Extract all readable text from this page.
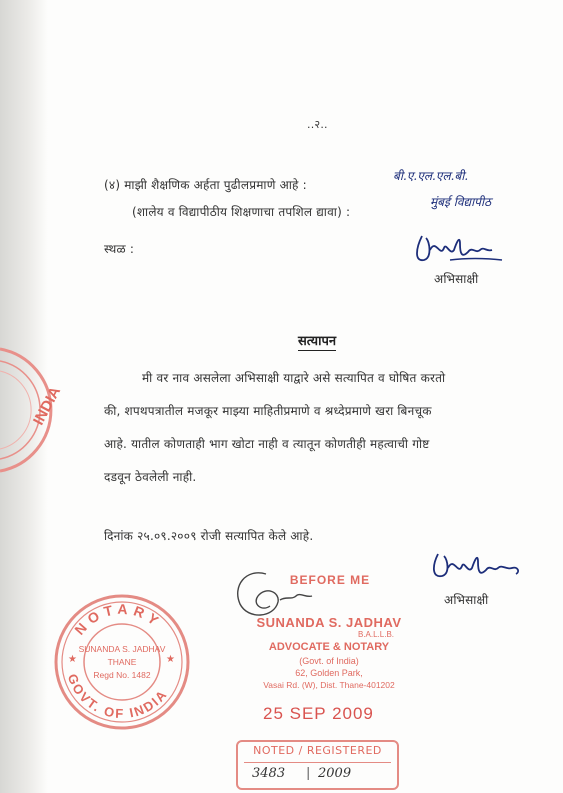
..२..
(४) माझी शैक्षणिक अर्हता पुढीलप्रमाणे आहे :
बी.ए.एल.एल.बी.
(शालेय व विद्यापीठीय शिक्षणाचा तपशिल द्यावा) :
मुंबई विद्यापीठ
स्थळ :
अभिसाक्षी
सत्यापन
मी वर नाव असलेला अभिसाक्षी याद्वारे असे सत्यापित व घोषित करतो
की, शपथपत्रातील मजकूर माझ्या माहितीप्रमाणे व श्रध्देप्रमाणे खरा बिनचूक
आहे. यातील कोणताही भाग खोटा नाही व त्यातून कोणतीही महत्वाची गोष्ट
दडवून ठेवलेली नाही.
दिनांक २५.०९.२००९ रोजी सत्यापित केले आहे.
अभिसाक्षी
INDIA
NOTARY
GOVT. OF INDIA
★	★
SUNANDA S. JADHAV
THANE
Regd No. 1482
BEFORE ME
SUNANDA S. JADHAV
B.A.L.L.B.
ADVOCATE & NOTARY
(Govt. of India)
62, Golden Park,
Vasai Rd. (W), Dist. Thane-401202
25 SEP 2009
NOTED / REGISTERED
3483 | 2009
